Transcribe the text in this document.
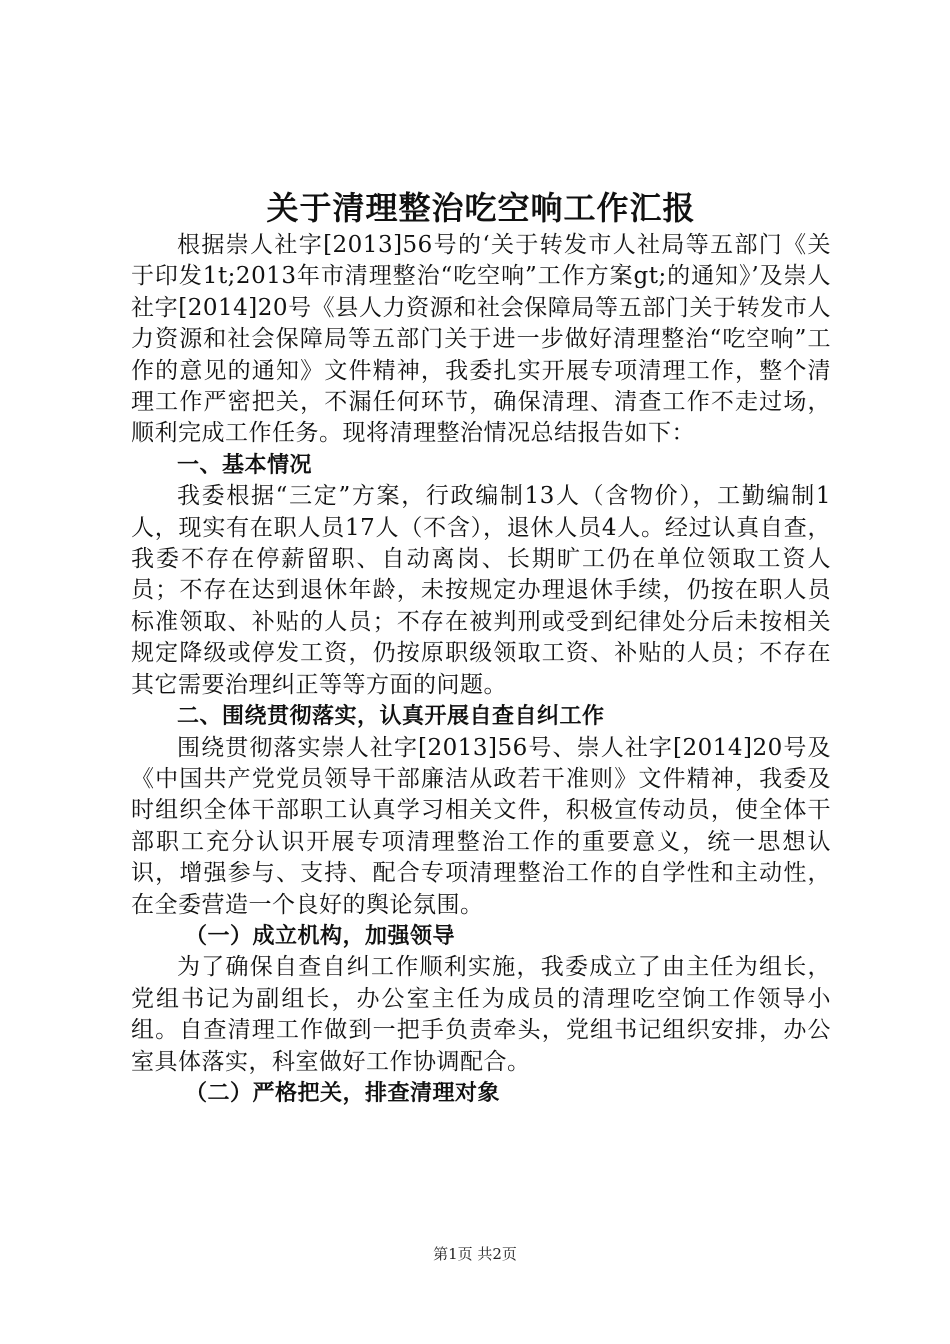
关于清理整治吃空响工作汇报

根据崇人社字[2013]56号的‘关于转发市人社局等五部门《关于印发1t;2013年市清理整治“吃空响”工作方案gt;的通知》’及崇人社字[2014]20号《县人力资源和社会保障局等五部门关于转发市人力资源和社会保障局等五部门关于进一步做好清理整治“吃空响”工作的意见的通知》文件精神，我委扎实开展专项清理工作，整个清理工作严密把关，不漏任何环节，确保清理、清查工作不走过场，顺利完成工作任务。现将清理整治情况总结报告如下：

一、基本情况

我委根据“三定”方案，行政编制13人（含物价），工勤编制1人，现实有在职人员17人（不含），退休人员4人。经过认真自查，我委不存在停薪留职、自动离岗、长期旷工仍在单位领取工资人员；不存在达到退休年龄，未按规定办理退休手续，仍按在职人员标准领取、补贴的人员；不存在被判刑或受到纪律处分后未按相关规定降级或停发工资，仍按原职级领取工资、补贴的人员；不存在其它需要治理纠正等等方面的问题。

二、围绕贯彻落实，认真开展自查自纠工作

围绕贯彻落实崇人社字[2013]56号、崇人社字[2014]20号及《中国共产党党员领导干部廉洁从政若干准则》文件精神，我委及时组织全体干部职工认真学习相关文件，积极宣传动员，使全体干部职工充分认识开展专项清理整治工作的重要意义，统一思想认识，增强参与、支持、配合专项清理整治工作的自学性和主动性，在全委营造一个良好的舆论氛围。

（一）成立机构，加强领导

为了确保自查自纠工作顺利实施，我委成立了由主任为组长，党组书记为副组长，办公室主任为成员的清理吃空饷工作领导小组。自查清理工作做到一把手负责牵头，党组书记组织安排，办公室具体落实，科室做好工作协调配合。

（二）严格把关，排查清理对象

第1页 共2页
